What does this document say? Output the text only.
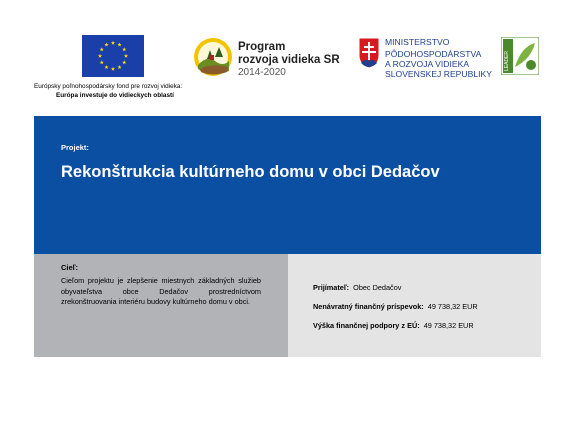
Európsky poľnohospodársky fond pre rozvoj vidieka:
Európa investuje do vidieckych oblastí
Program
rozvoja vidieka SR
2014-2020
MINISTERSTVO
PÔDOHOSPODÁRSTVA
A ROZVOJA VIDIEKA
SLOVENSKEJ REPUBLIKY
LEADER
Projekt:
Rekonštrukcia kultúrneho domu v obci Dedačov
Cieľ:
Cieľom projektu je zlepšenie miestnych základných služieb obyvateľstva obce Dedačov prostredníctvom zrekonštruovania interiéru budovy kultúrneho domu v obci.
Prijímateľ: Obec Dedačov
Nenávratný finančný príspevok: 49 738,32 EUR
Výška finančnej podpory z EÚ: 49 738,32 EUR
